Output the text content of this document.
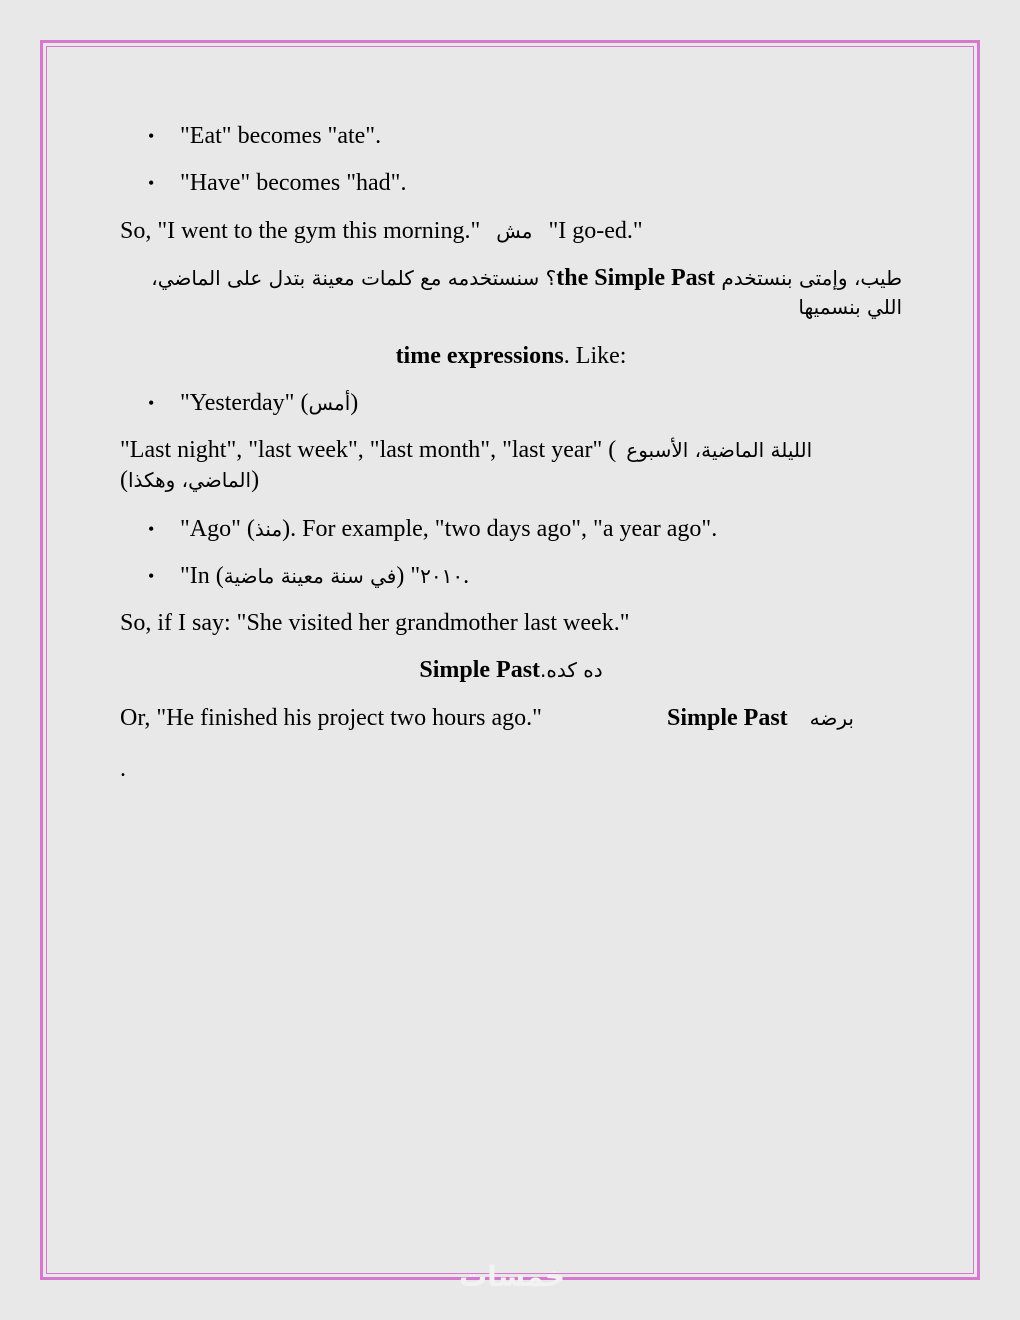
• "Eat" becomes "ate".
• "Have" becomes "had".
So, "I went to the gym this morning." مش "I go-ed."
طيب، وإمتى بنستخدم the Simple Past؟ سنستخدمه مع كلمات معينة بتدل على الماضي، اللي بنسميها
time expressions. Like:
• "Yesterday" (أمس)
"Last night", "last week", "last month", "last year" ( الليلة الماضية، الأسبوع
(الماضي، وهكذا)
• "Ago" (منذ). For example, "two days ago", "a year ago".
• "In	٢٠١٠" (في سنة معينة ماضية).
So, if I say: "She visited her grandmother last week."
Simple Past.ده كده
Or, "He finished his project two hours ago."	Simple Past برضه
.
خمسات
